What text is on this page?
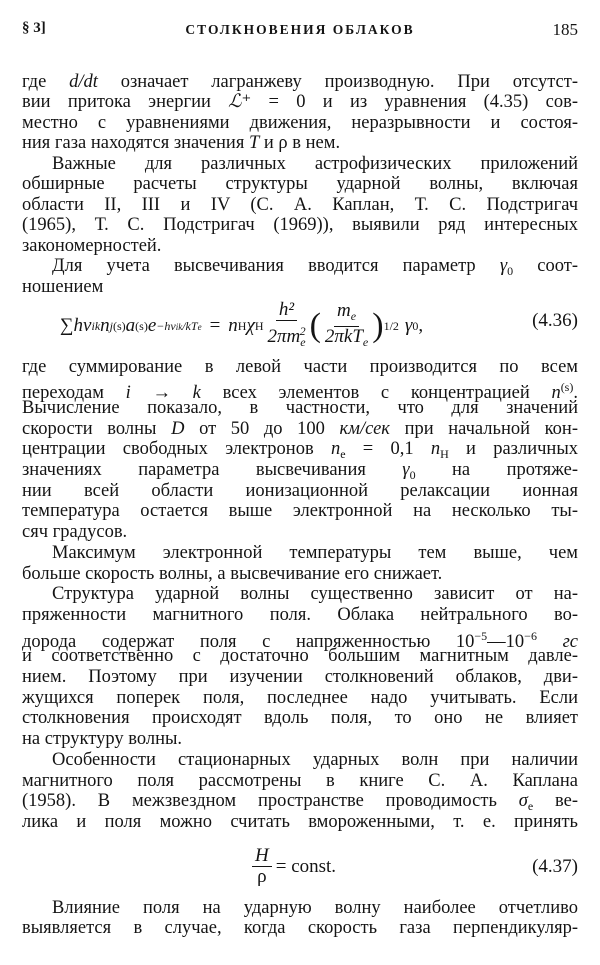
§ 3]	СТОЛКНОВЕНИЯ ОБЛАКОВ	185
где d/dt означает лагранжеву производную. При отсутст-
вии притока энергии ℒ⁺ = 0 и из уравнения (4.35) сов-
местно с уравнениями движения, неразрывности и состоя-
ния газа находятся значения T и ρ в нем.
Важные для различных астрофизических приложений
обширные расчеты структуры ударной волны, включая
области II, III и IV (С. А. Каплан, Т. С. Подстригач
(1965), Т. С. Подстригач (1969)), выявили ряд интересных
закономерностей.
Для учета высвечивания вводится параметр $\gamma_0$ соот-
ношением
где суммирование в левой части производится по всем
переходам i → k всех элементов с концентрацией $n^{(s)}$.
Вычисление показало, в частности, что для значений
скорости волны D от 50 до 100 км/сек при начальной кон-
центрации свободных электронов $n_e = 0,1$ $n_H$ и различных
значениях параметра высвечивания $\gamma_0$ на протяже-
нии всей области ионизационной релаксации ионная
температура остается выше электронной на несколько ты-
сяч градусов.
Максимум электронной температуры тем выше, чем
больше скорость волны, а высвечивание его снижает.
Структура ударной волны существенно зависит от на-
пряженности магнитного поля. Облака нейтрального во-
дорода содержат поля с напряженностью $10^{-5}—10^{-6}$ гс
и соответственно с достаточно большим магнитным давле-
нием. Поэтому при изучении столкновений облаков, дви-
жущихся поперек поля, последнее надо учитывать. Если
столкновения происходят вдоль поля, то оно не влияет
на структуру волны.
Особенности стационарных ударных волн при наличии
магнитного поля рассмотрены в книге С. А. Каплана
(1958). В межзвездном пространстве проводимость $\sigma_e$ ве-
лика и поля можно считать вмороженными, т. е. принять
Влияние поля на ударную волну наиболее отчетливо
выявляется в случае, когда скорость газа перпендикуляр-
∑hν ik n j (s) a (s) e −hνik/kTe = n H χ H $\frac{\text{h²}}{2\pi m_e^2}$ ( $\frac{m_e}{2\pi kT_e}$ ) 1/2 γ 0 ,	(4.36)
$\frac{H}{\rho}$ = const.	(4.37)
